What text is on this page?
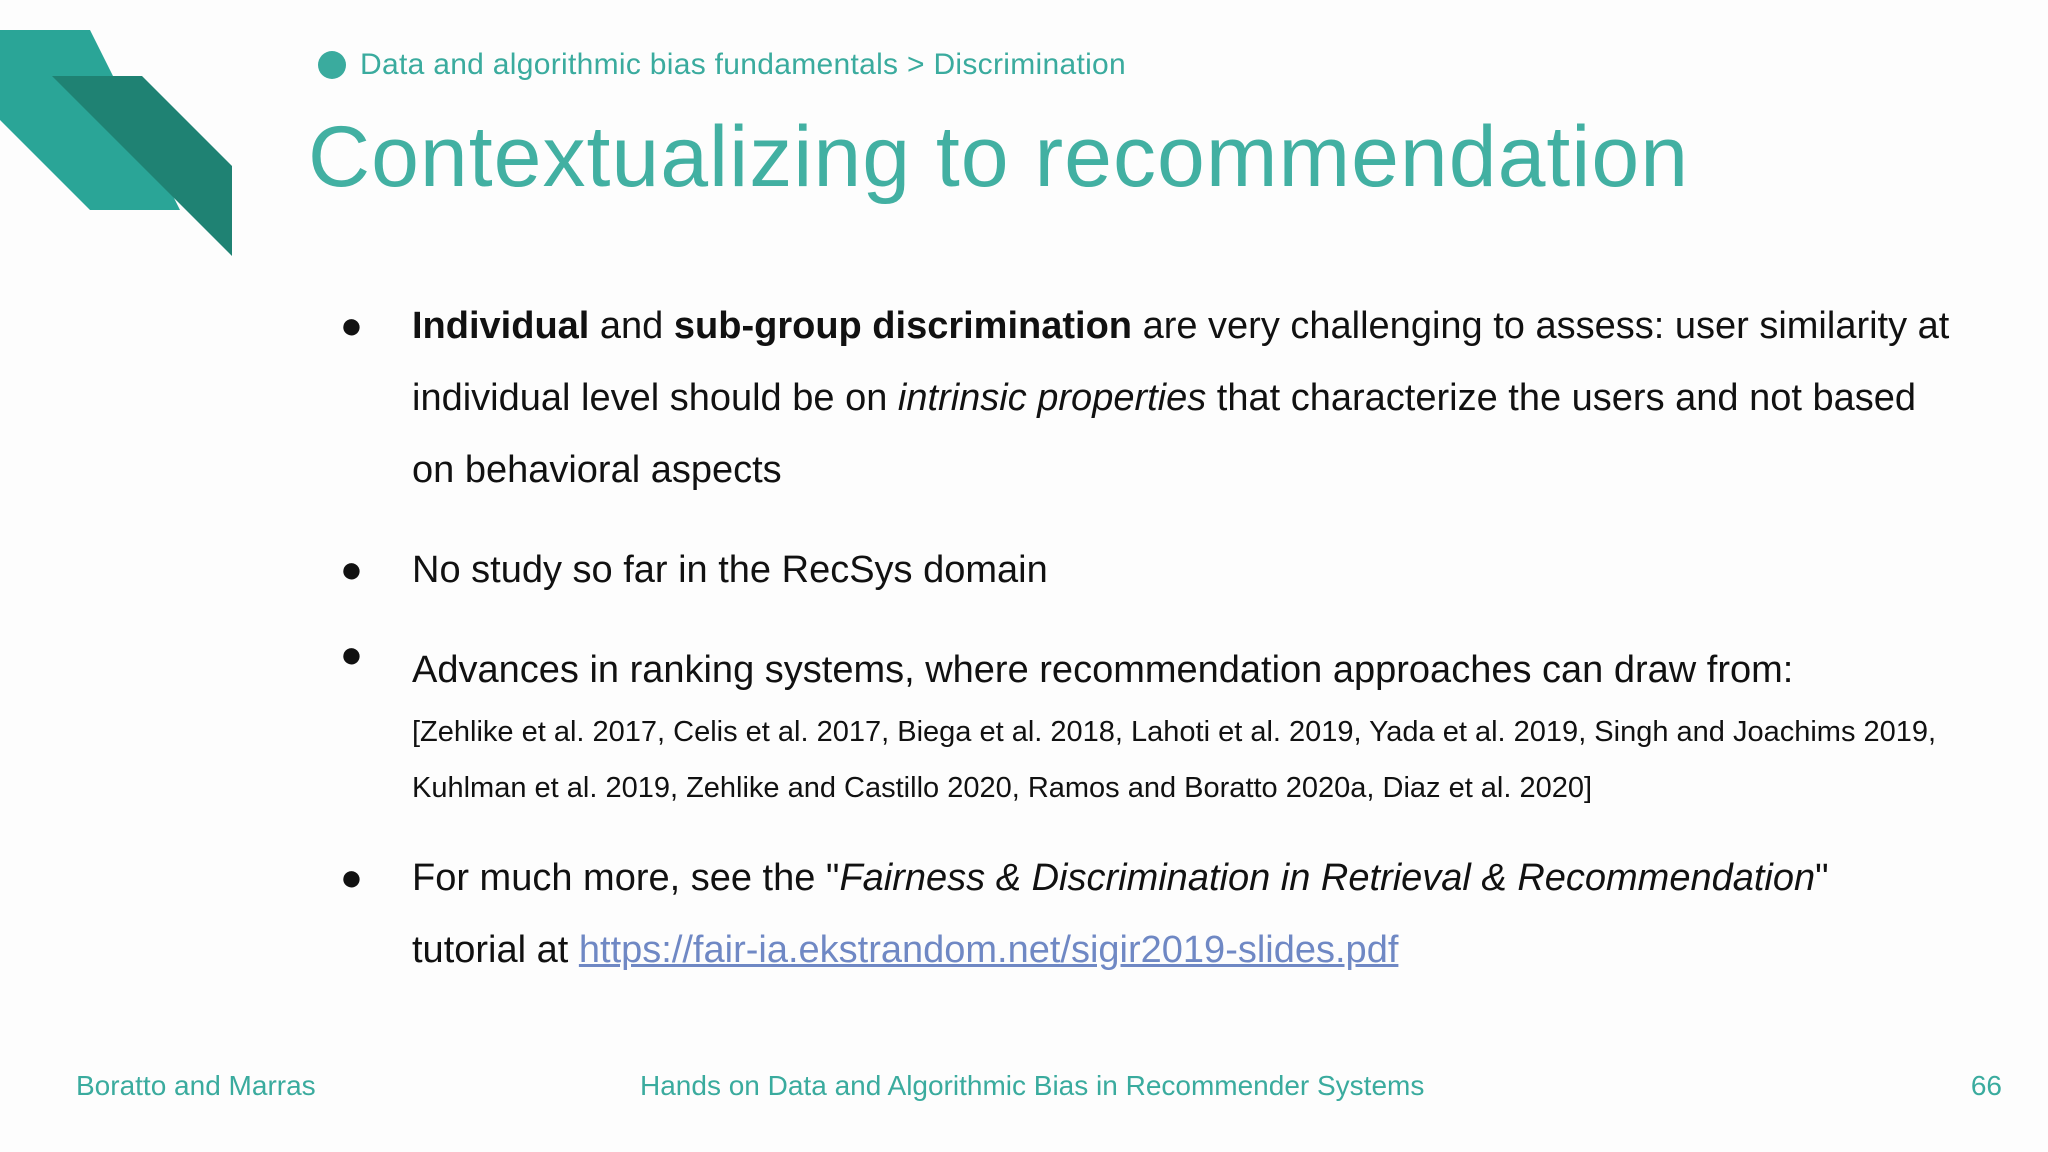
Data and algorithmic bias fundamentals > Discrimination
Contextualizing to recommendation
● Individual and sub-group discrimination are very challenging to assess: user similarity at individual level should be on intrinsic properties that characterize the users and not based on behavioral aspects
● No study so far in the RecSys domain
● Advances in ranking systems, where recommendation approaches can draw from:
[Zehlike et al. 2017, Celis et al. 2017, Biega et al. 2018, Lahoti et al. 2019, Yada et al. 2019, Singh and Joachims 2019, Kuhlman et al. 2019, Zehlike and Castillo 2020, Ramos and Boratto 2020a, Diaz et al. 2020]
● For much more, see the "Fairness & Discrimination in Retrieval & Recommendation" tutorial at https://fair-ia.ekstrandom.net/sigir2019-slides.pdf
Boratto and Marras	Hands on Data and Algorithmic Bias in Recommender Systems	66
